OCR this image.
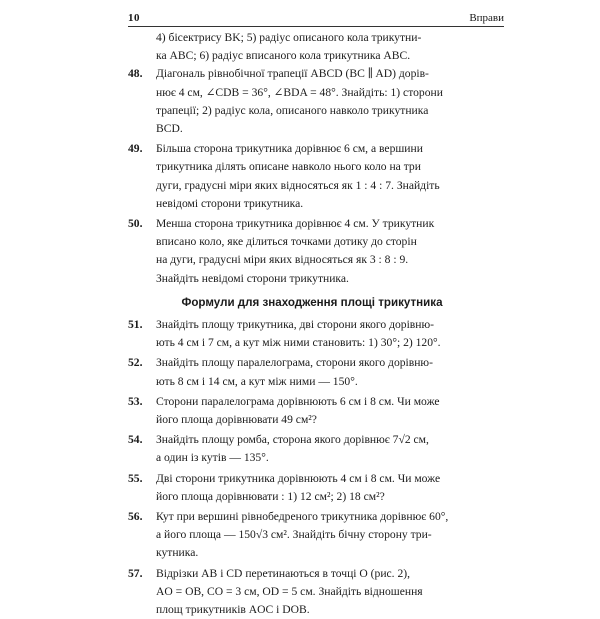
10	Вправи
4) бісектрису BK; 5) радіус описаного кола трикутни-
ка ABC; 6) радіус вписаного кола трикутника ABC.
48. Діагональ рівнобічної трапеції ABCD (BC ∥ AD) дорів-
нює 4 см, ∠CDB = 36°, ∠BDA = 48°. Знайдіть: 1) сторони
трапеції; 2) радіус кола, описаного навколо трикутника
BCD.
49. Більша сторона трикутника дорівнює 6 см, а вершини
трикутника ділять описане навколо нього коло на три
дуги, градусні міри яких відносяться як 1 : 4 : 7. Знайдіть
невідомі сторони трикутника.
50. Менша сторона трикутника дорівнює 4 см. У трикутник
вписано коло, яке ділиться точками дотику до сторін
на дуги, градусні міри яких відносяться як 3 : 8 : 9.
Знайдіть невідомі сторони трикутника.
Формули для знаходження площі трикутника
51. Знайдіть площу трикутника, дві сторони якого дорівню-
ють 4 см і 7 см, а кут між ними становить: 1) 30°; 2) 120°.
52. Знайдіть площу паралелограма, сторони якого дорівню-
ють 8 см і 14 см, а кут між ними — 150°.
53. Сторони паралелограма дорівнюють 6 см і 8 см. Чи може
його площа дорівнювати 49 см²?
54. Знайдіть площу ромба, сторона якого дорівнює 7√2 см,
а один із кутів — 135°.
55. Дві сторони трикутника дорівнюють 4 см і 8 см. Чи може
його площа дорівнювати : 1) 12 см²; 2) 18 см²?
56. Кут при вершині рівнобедреного трикутника дорівнює 60°,
а його площа — 150√3 см². Знайдіть бічну сторону три-
кутника.
57. Відрізки AB і CD перетинаються в точці O (рис. 2),
AO = OB, CO = 3 см, OD = 5 см. Знайдіть відношення
площ трикутників AOC і DOB.
